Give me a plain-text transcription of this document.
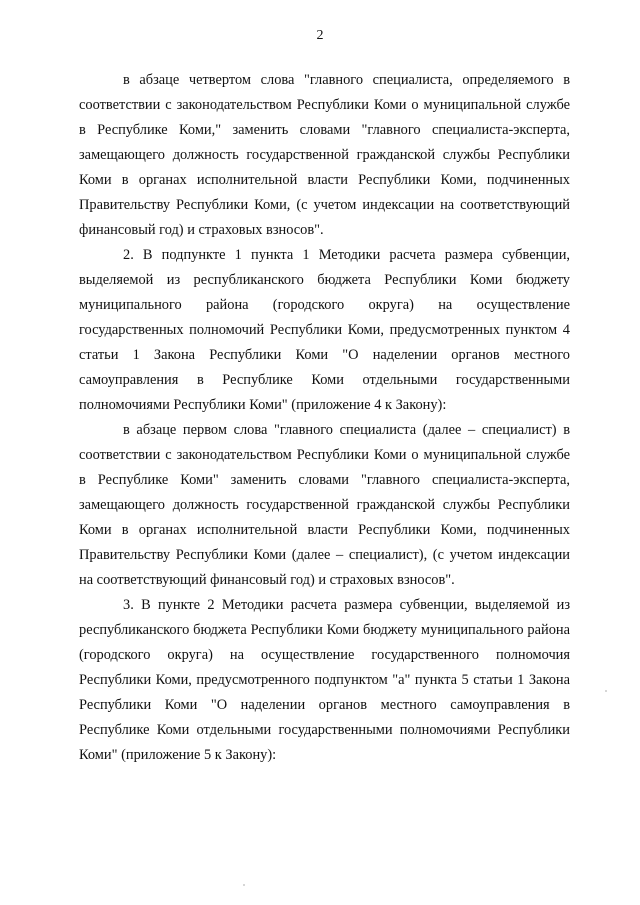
2

в абзаце четвертом слова "главного специалиста, определяемого в соответствии с законодательством Республики Коми о муниципальной службе в Республике Коми," заменить словами "главного специалиста-эксперта, замещающего должность государственной гражданской службы Республики Коми в органах исполнительной власти Республики Коми, подчиненных Правительству Республики Коми, (с учетом индексации на соответствующий финансовый год) и страховых взносов".

2. В подпункте 1 пункта 1 Методики расчета размера субвенции, выделяемой из республиканского бюджета Республики Коми бюджету муниципального района (городского округа) на осуществление государственных полномочий Республики Коми, предусмотренных пунктом 4 статьи 1 Закона Республики Коми "О наделении органов местного самоуправления в Республике Коми отдельными государственными полномочиями Республики Коми" (приложение 4 к Закону):

в абзаце первом слова "главного специалиста (далее – специалист) в соответствии с законодательством Республики Коми о муниципальной службе в Республике Коми" заменить словами "главного специалиста-эксперта, замещающего должность государственной гражданской службы Республики Коми в органах исполнительной власти Республики Коми, подчиненных Правительству Республики Коми (далее – специалист), (с учетом индексации на соответствующий финансовый год) и страховых взносов".

3. В пункте 2 Методики расчета размера субвенции, выделяемой из республиканского бюджета Республики Коми бюджету муниципального района (городского округа) на осуществление государственного полномочия Республики Коми, предусмотренного подпунктом "а" пункта 5 статьи 1 Закона Республики Коми "О наделении органов местного самоуправления в Республике Коми отдельными государственными полномочиями Республики Коми" (приложение 5 к Закону):
